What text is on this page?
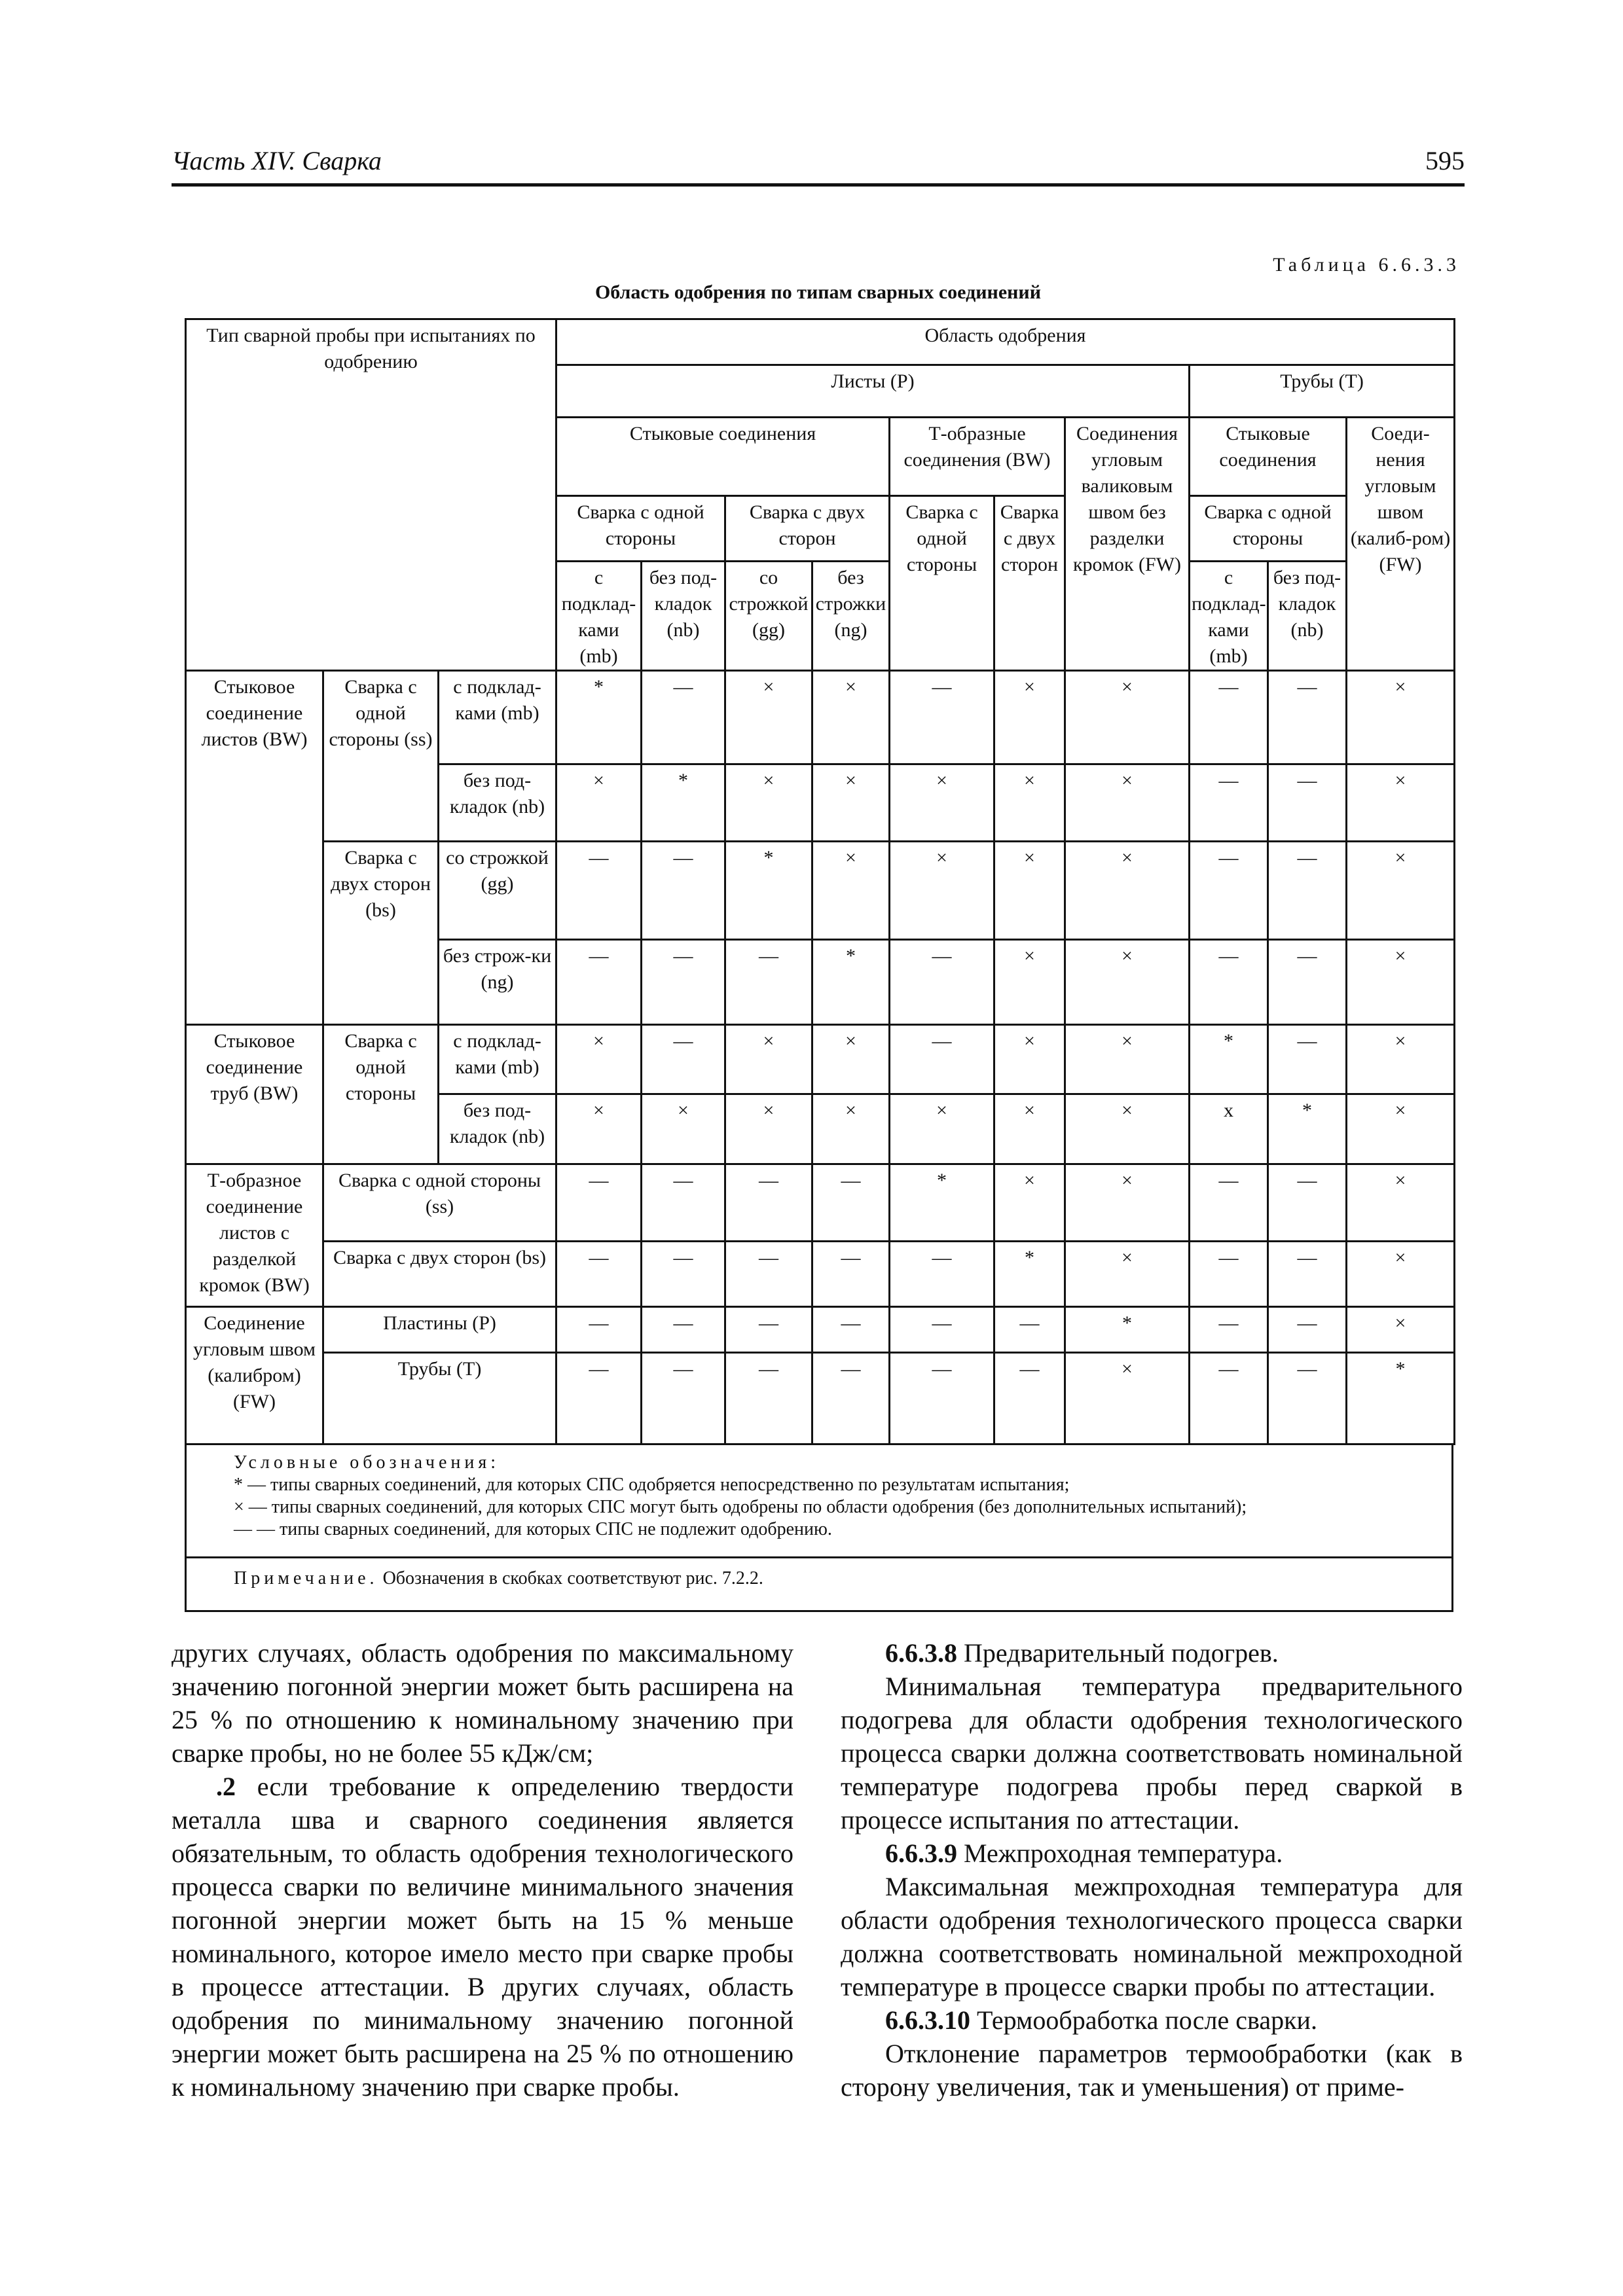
Часть XIV. Сварка	595
Таблица 6.6.3.3
Область одобрения по типам сварных соединений
Тип сварной пробы при испытаниях по одобрению			Область одобрения									
			Листы (P)							Трубы (T)		
			Стыковые соединения				Т-образные соединения (BW)		Соединения угловым валиковым швом без разделки кромок (FW)	Стыковые соединения		Соеди-нения угловым швом (калиб-ром) (FW)
			Сварка с одной стороны		Сварка с двух сторон		Сварка с одной стороны	Сварка с двух сторон		Сварка с одной стороны		
			с подклад-ками (mb)	без под-кладок (nb)	со строжкой (gg)	без строжки (ng)				с подклад-ками (mb)	без под-кладок (nb)	
Стыковое соединение листов (BW)	Сварка с одной стороны (ss)	с подклад-ками (mb)	*	—	×	×	—	×	×	—	—	×
		без под-кладок (nb)	×	*	×	×	×	×	×	—	—	×
	Сварка с двух сторон (bs)	со строжкой (gg)	—	—	*	×	×	×	×	—	—	×
		без строж-ки (ng)	—	—	—	*	—	×	×	—	—	×
Стыковое соединение труб (BW)	Сварка с одной стороны	с подклад-ками (mb)	×	—	×	×	—	×	×	*	—	×
		без под-кладок (nb)	×	×	×	×	×	×	×	x	*	×
Т-образное соединение листов с разделкой кромок (BW)	Сварка с одной стороны (ss)		—	—	—	—	*	×	×	—	—	×
	Сварка с двух сторон (bs)		—	—	—	—	—	*	×	—	—	×
Соединение угловым швом (калибром) (FW)	Пластины (P)		—	—	—	—	—	—	*	—	—	×
	Трубы (T)		—	—	—	—	—	—	×	—	—	*
Условные обозначения:
* — типы сварных соединений, для которых СПС одобряется непосредственно по результатам испытания;
× — типы сварных соединений, для которых СПС могут быть одобрены по области одобрения (без дополнительных испытаний);
— — типы сварных соединений, для которых СПС не подлежит одобрению.
Примечание. Обозначения в скобках соответствуют рис. 7.2.2.

других случаях, область одобрения по максимальному значению погонной энергии может быть расширена на 25 % по отношению к номинальному значению при сварке пробы, но не более 55 кДж/см;

.2 если требование к определению твердости металла шва и сварного соединения является обязательным, то область одобрения технологического процесса сварки по величине минимального значения погонной энергии может быть на 15 % меньше номинального, которое имело место при сварке пробы в процессе аттестации. В других случаях, область одобрения по минимальному значению погонной энергии может быть расширена на 25 % по отношению к номинальному значению при сварке пробы.

6.6.3.8 Предварительный подогрев.

Минимальная температура предварительного подогрева для области одобрения технологического процесса сварки должна соответствовать номинальной температуре подогрева пробы перед сваркой в процессе испытания по аттестации.

6.6.3.9 Межпроходная температура.

Максимальная межпроходная температура для области одобрения технологического процесса сварки должна соответствовать номинальной межпроходной температуре в процессе сварки пробы по аттестации.

6.6.3.10 Термообработка после сварки.

Отклонение параметров термообработки (как в сторону увеличения, так и уменьшения) от приме-
